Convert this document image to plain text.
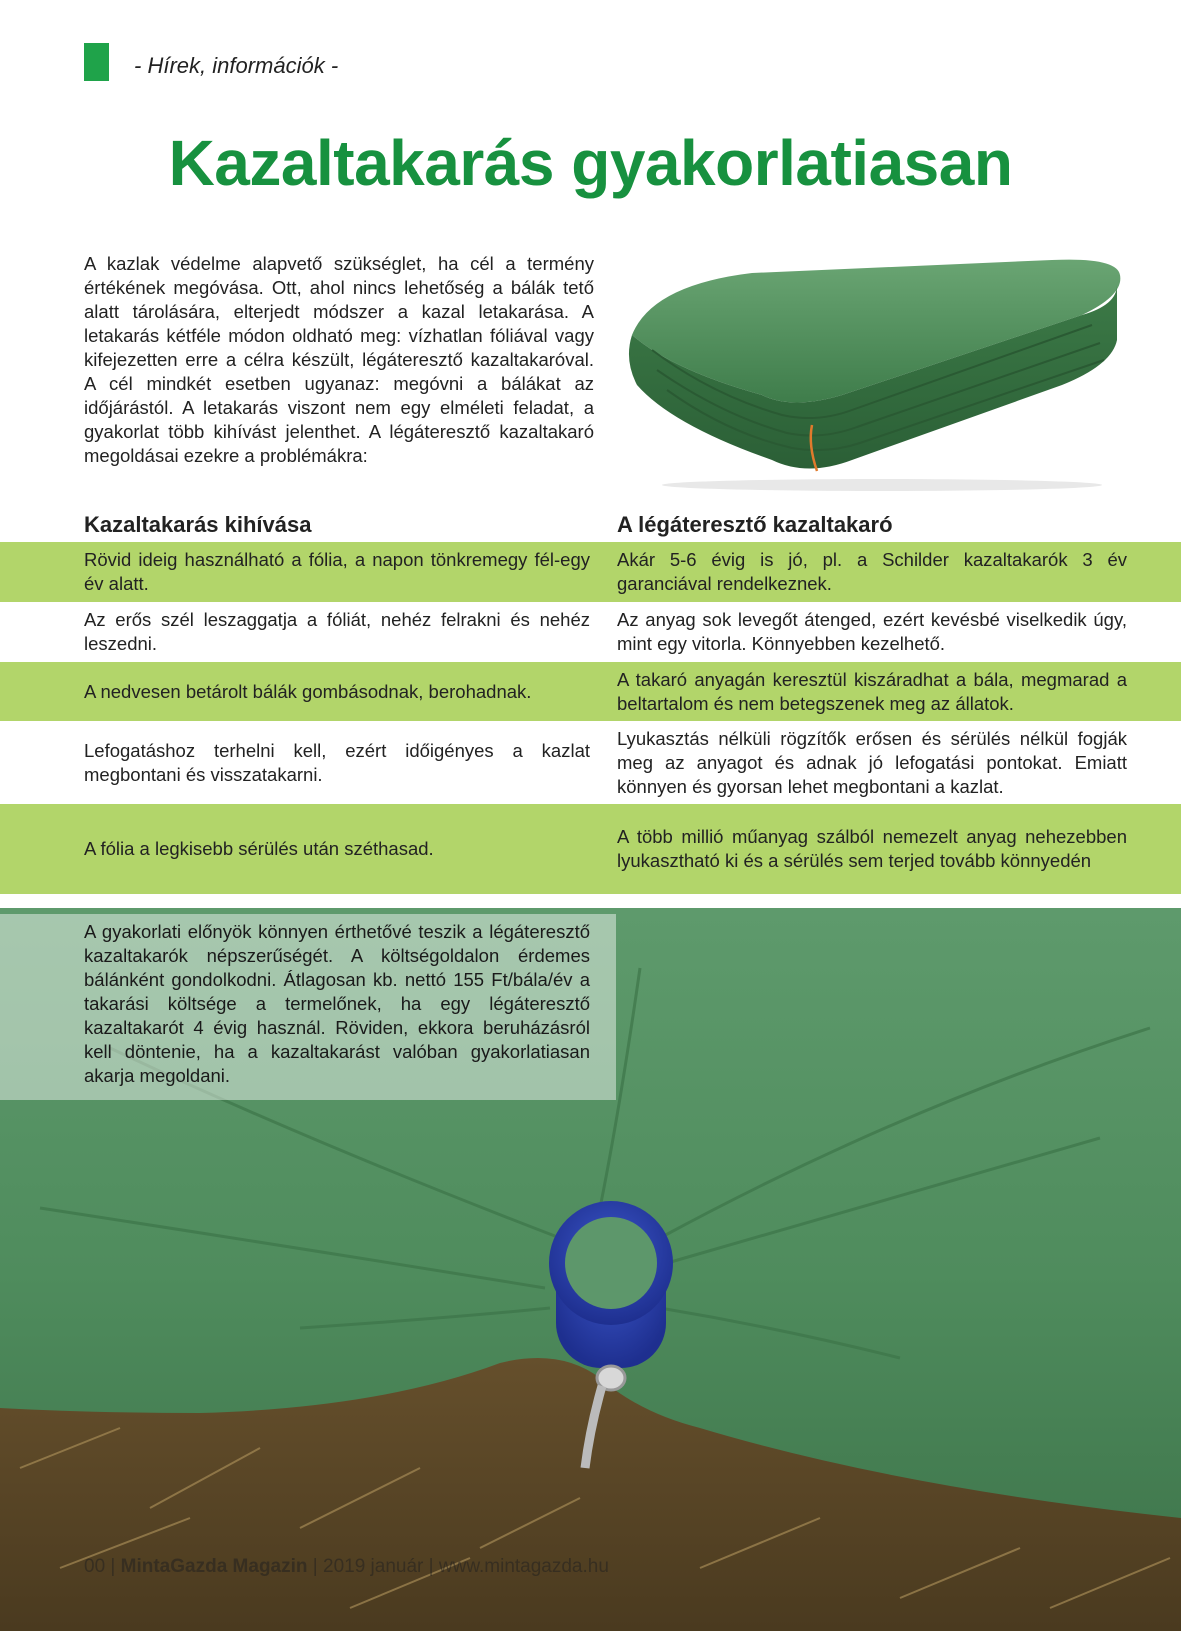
- Hírek, információk -
Kazaltakarás gyakorlatiasan

A kazlak védelme alapvető szükséglet, ha cél a termény értékének megóvása. Ott, ahol nincs lehetőség a bálák tető alatt tárolására, elterjedt módszer a kazal letakarása. A letakarás kétféle módon oldható meg: vízhatlan fóliával vagy kifejezetten erre a célra készült, légáteresztő kazaltakaróval. A cél mindkét esetben ugyanaz: megóvni a bálákat az időjárástól. A letakarás viszont nem egy elméleti feladat, a gyakorlat több kihívást jelenthet. A légáteresztő kazaltakaró megoldásai ezekre a problémákra:

Kazaltakarás kihívása	A légáteresztő kazaltakaró
Rövid ideig használható a fólia, a napon tönkremegy fél-egy év alatt.
Akár 5-6 évig is jó, pl. a Schilder kazaltakarók 3 év garanciával rendelkeznek.
Az erős szél leszaggatja a fóliát, nehéz felrakni és nehéz leszedni.
Az anyag sok levegőt átenged, ezért kevésbé viselkedik úgy, mint egy vitorla. Könnyebben kezelhető.
A nedvesen betárolt bálák gombásodnak, berohadnak.
A takaró anyagán keresztül kiszáradhat a bála, megmarad a beltartalom és nem betegszenek meg az állatok.
Lefogatáshoz terhelni kell, ezért időigényes a kazlat megbontani és visszatakarni.
Lyukasztás nélküli rögzítők erősen és sérülés nélkül fogják meg az anyagot és adnak jó lefogatási pontokat. Emiatt könnyen és gyorsan lehet megbontani a kazlat.
A fólia a legkisebb sérülés után széthasad.
A több millió műanyag szálból nemezelt anyag nehezebben lyukasztható ki és a sérülés sem terjed tovább könnyedén
A gyakorlati előnyök könnyen érthetővé teszik a légáteresztő kazaltakarók népszerűségét. A költségoldalon érdemes bálánként gondolkodni. Átlagosan kb. nettó 155 Ft/bála/év a takarási költsége a termelőnek, ha egy légáteresztő kazaltakarót 4 évig használ. Röviden, ekkora beruházásról kell döntenie, ha a kazaltakarást valóban gyakorlatiasan akarja megoldani.
00 | MintaGazda Magazin | 2019 január | www.mintagazda.hu
